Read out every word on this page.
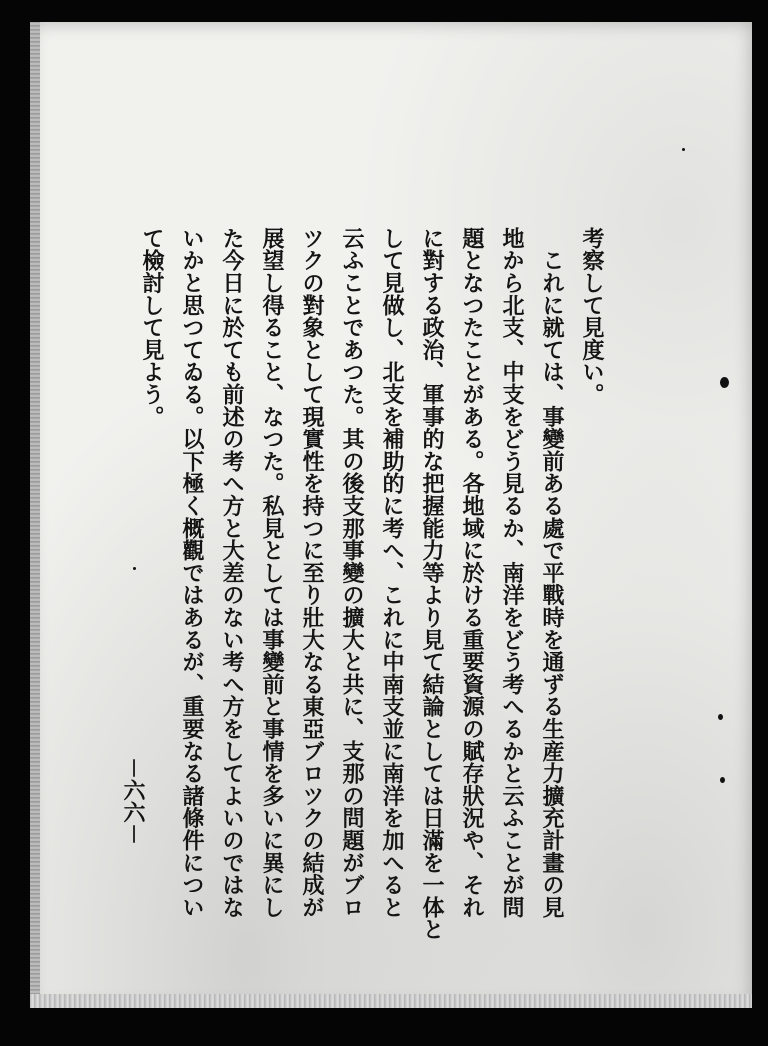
考察して見度い。
　これに就ては、事變前ある處で平戰時を通ずる生産力擴充計畫の見
地から北支、中支をどう見るか、南洋をどう考へるかと云ふことが問
題となつたことがある。各地域に於ける重要資源の賦存狀況や、それ
に對する政治、軍事的な把握能力等より見て結論としては日滿を一体と
して見做し、北支を補助的に考へ、これに中南支並に南洋を加へると
云ふことであつた。其の後支那事變の擴大と共に、支那の問題がブロ
ツクの對象として現實性を持つに至り壯大なる東亞ブロツクの結成が
展望し得ること、なつた。私見としては事變前と事情を多いに異にし
た今日に於ても前述の考へ方と大差のない考へ方をしてよいのではな
いかと思つてゐる。以下極く概觀ではあるが、重要なる諸條件につい
て檢討して見よう。
－六六－
